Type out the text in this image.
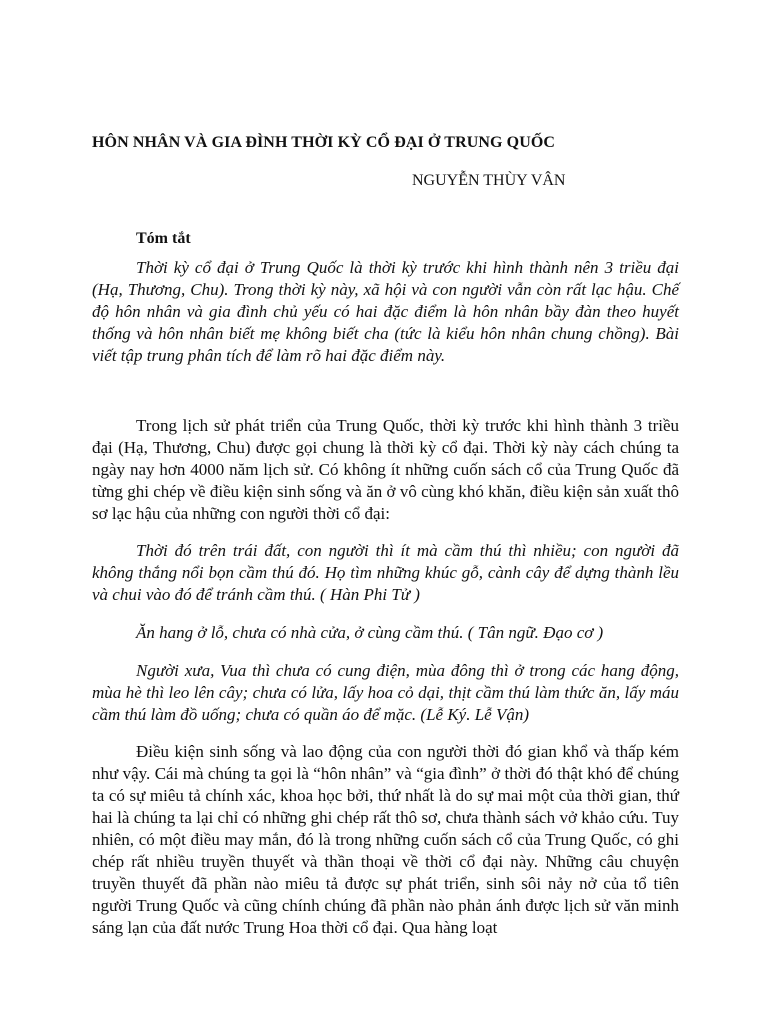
HÔN NHÂN VÀ GIA ĐÌNH THỜI KỲ CỔ ĐẠI Ở TRUNG QUỐC
NGUYỄN THÙY VÂN
Tóm tắt

Thời kỳ cổ đại ở Trung Quốc là thời kỳ trước khi hình thành nên 3 triều đại (Hạ, Thương, Chu). Trong thời kỳ này, xã hội và con người vẫn còn rất lạc hậu. Chế độ hôn nhân và gia đình chủ yếu có hai đặc điểm là hôn nhân bầy đàn theo huyết thống và hôn nhân biết mẹ không biết cha (tức là kiểu hôn nhân chung chồng). Bài viết tập trung phân tích để làm rõ hai đặc điểm này.

Trong lịch sử phát triển của Trung Quốc, thời kỳ trước khi hình thành 3 triều đại (Hạ, Thương, Chu) được gọi chung là thời kỳ cổ đại. Thời kỳ này cách chúng ta ngày nay hơn 4000 năm lịch sử. Có không ít những cuốn sách cổ của Trung Quốc đã từng ghi chép về điều kiện sinh sống và ăn ở vô cùng khó khăn, điều kiện sản xuất thô sơ lạc hậu của những con người thời cổ đại:

Thời đó trên trái đất, con người thì ít mà cầm thú thì nhiều; con người đã không thắng nổi bọn cầm thú đó. Họ tìm những khúc gỗ, cành cây để dựng thành lều và chui vào đó để tránh cầm thú. ( Hàn Phi Tử )

Ăn hang ở lỗ, chưa có nhà cửa, ở cùng cầm thú. ( Tân ngữ. Đạo cơ )

Người xưa, Vua thì chưa có cung điện, mùa đông thì ở trong các hang động, mùa hè thì leo lên cây; chưa có lửa, lấy hoa cỏ dại, thịt cầm thú làm thức ăn, lấy máu cầm thú làm đồ uống; chưa có quần áo để mặc. (Lễ Ký. Lễ Vận)

Điều kiện sinh sống và lao động của con người thời đó gian khổ và thấp kém như vậy. Cái mà chúng ta gọi là “hôn nhân” và “gia đình” ở thời đó thật khó để chúng ta có sự miêu tả chính xác, khoa học bởi, thứ nhất là do sự mai một của thời gian, thứ hai là chúng ta lại chỉ có những ghi chép rất thô sơ, chưa thành sách vở khảo cứu. Tuy nhiên, có một điều may mắn, đó là trong những cuốn sách cổ của Trung Quốc, có ghi chép rất nhiều truyền thuyết và thần thoại về thời cổ đại này. Những câu chuyện truyền thuyết đã phần nào miêu tả được sự phát triển, sinh sôi nảy nở của tổ tiên người Trung Quốc và cũng chính chúng đã phần nào phản ánh được lịch sử văn minh sáng lạn của đất nước Trung Hoa thời cổ đại. Qua hàng loạt
